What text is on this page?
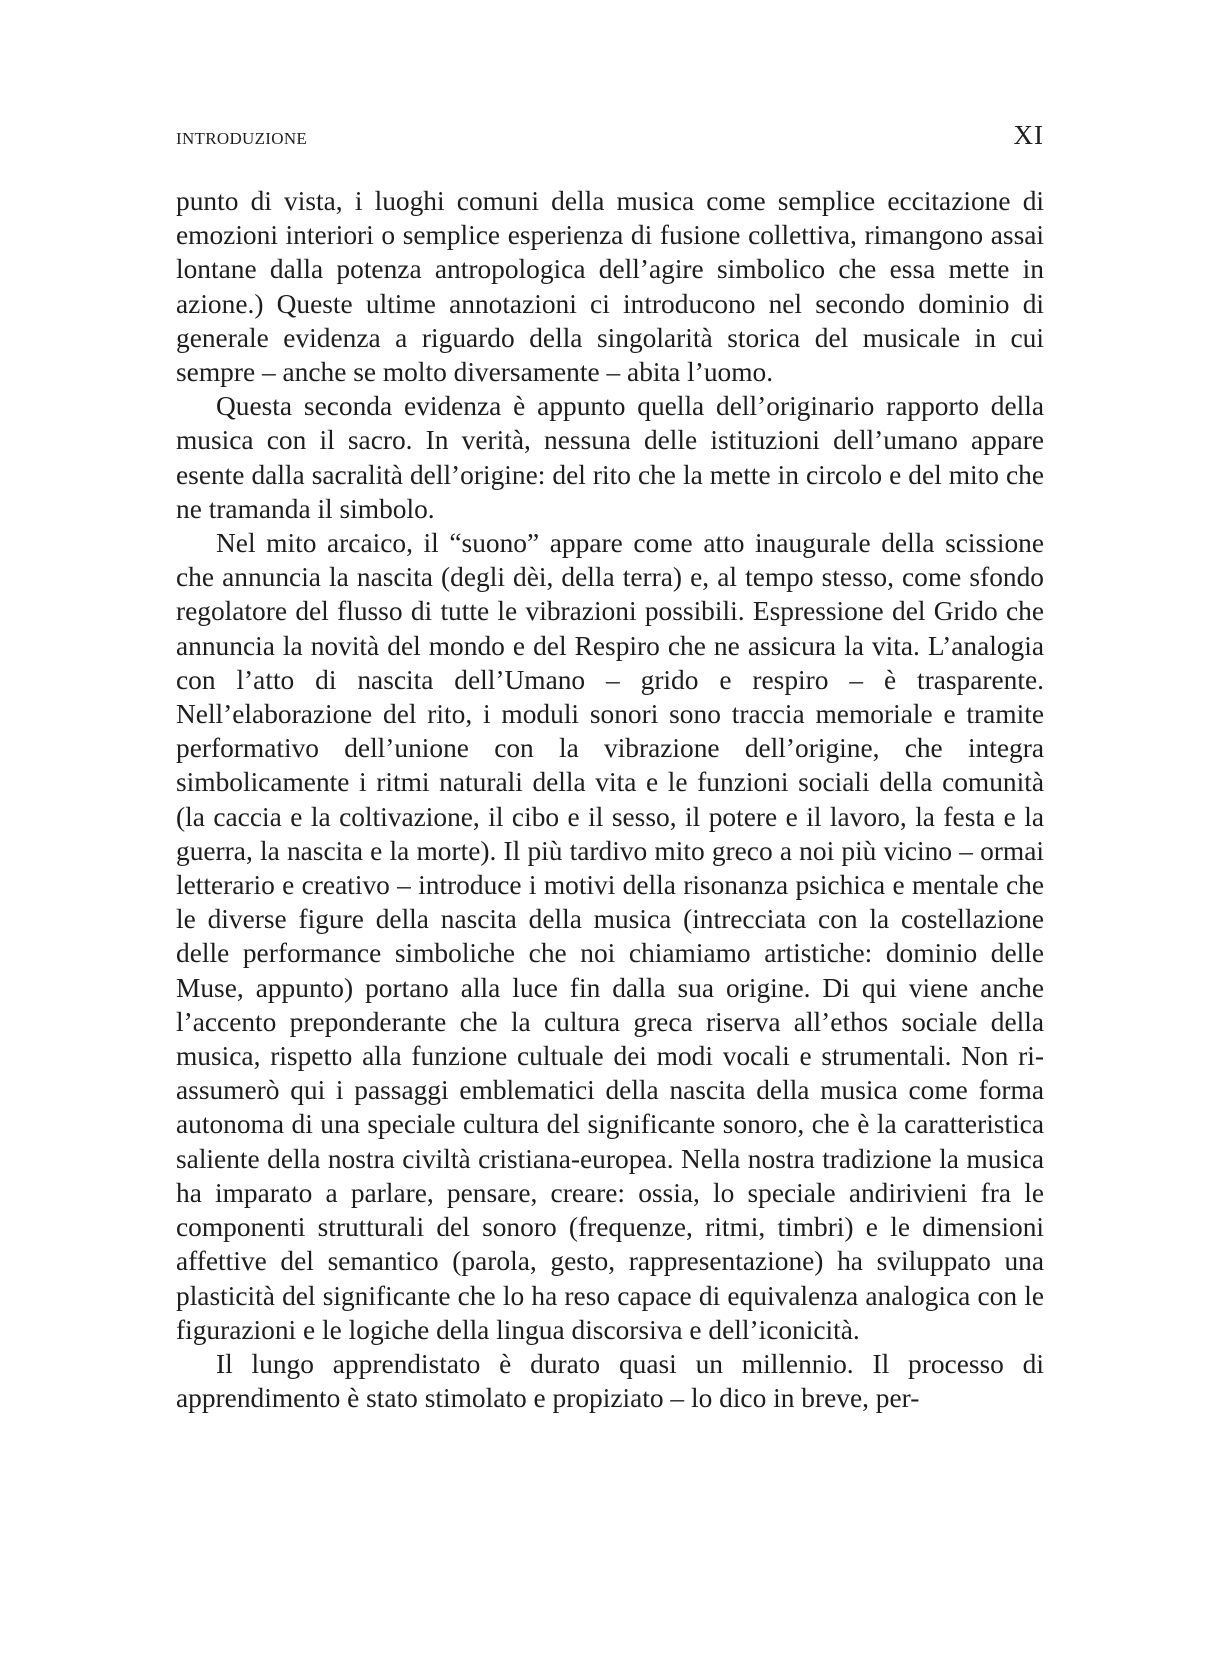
INTRODUZIONE	XI

punto di vista, i luoghi comuni della musica come semplice eccitazione di emozioni interiori o semplice esperienza di fusione collettiva, rimangono assai lontane dalla potenza antropologica dell’agire simbolico che essa mette in azione.) Queste ultime annotazioni ci introducono nel secondo dominio di generale evidenza a riguardo della singolarità storica del musicale in cui sempre – anche se molto diversamente – abita l’uomo.

Questa seconda evidenza è appunto quella dell’originario rapporto della musica con il sacro. In verità, nessuna delle istituzioni dell’umano appare esente dalla sacralità dell’origine: del rito che la mette in circolo e del mito che ne tramanda il simbolo.

Nel mito arcaico, il “suono” appare come atto inaugurale della scissione che annuncia la nascita (degli dèi, della terra) e, al tempo stesso, come sfondo regolatore del flusso di tutte le vibrazioni possibili. Espressione del Grido che annuncia la novità del mondo e del Respiro che ne assicura la vita. L’analogia con l’atto di nascita dell’Umano – grido e respiro – è trasparente. Nell’elaborazione del rito, i moduli sonori sono traccia memoriale e tramite performativo dell’unione con la vibrazione dell’origine, che integra simbolicamente i ritmi naturali della vita e le funzioni sociali della comunità (la caccia e la coltivazione, il cibo e il sesso, il potere e il lavoro, la festa e la guerra, la nascita e la morte). Il più tardivo mito greco a noi più vicino – ormai letterario e creativo – introduce i motivi della risonanza psichica e mentale che le diverse figure della nascita della musica (intrecciata con la costellazione delle performance simboliche che noi chiamiamo artistiche: dominio delle Muse, appunto) portano alla luce fin dalla sua origine. Di qui viene anche l’accento preponderante che la cultura greca riserva all’ethos sociale della musica, rispetto alla funzione cultuale dei modi vocali e strumentali. Non riassumerò qui i passaggi emblematici della nascita della musica come forma autonoma di una speciale cultura del significante sonoro, che è la caratteristica saliente della nostra civiltà cristiana-europea. Nella nostra tradizione la musica ha imparato a parlare, pensare, creare: ossia, lo speciale andirivieni fra le componenti strutturali del sonoro (frequenze, ritmi, timbri) e le dimensioni affettive del semantico (parola, gesto, rappresentazione) ha sviluppato una plasticità del significante che lo ha reso capace di equivalenza analogica con le figurazioni e le logiche della lingua discorsiva e dell’iconicità.

Il lungo apprendistato è durato quasi un millennio. Il processo di apprendimento è stato stimolato e propiziato – lo dico in breve, per-
